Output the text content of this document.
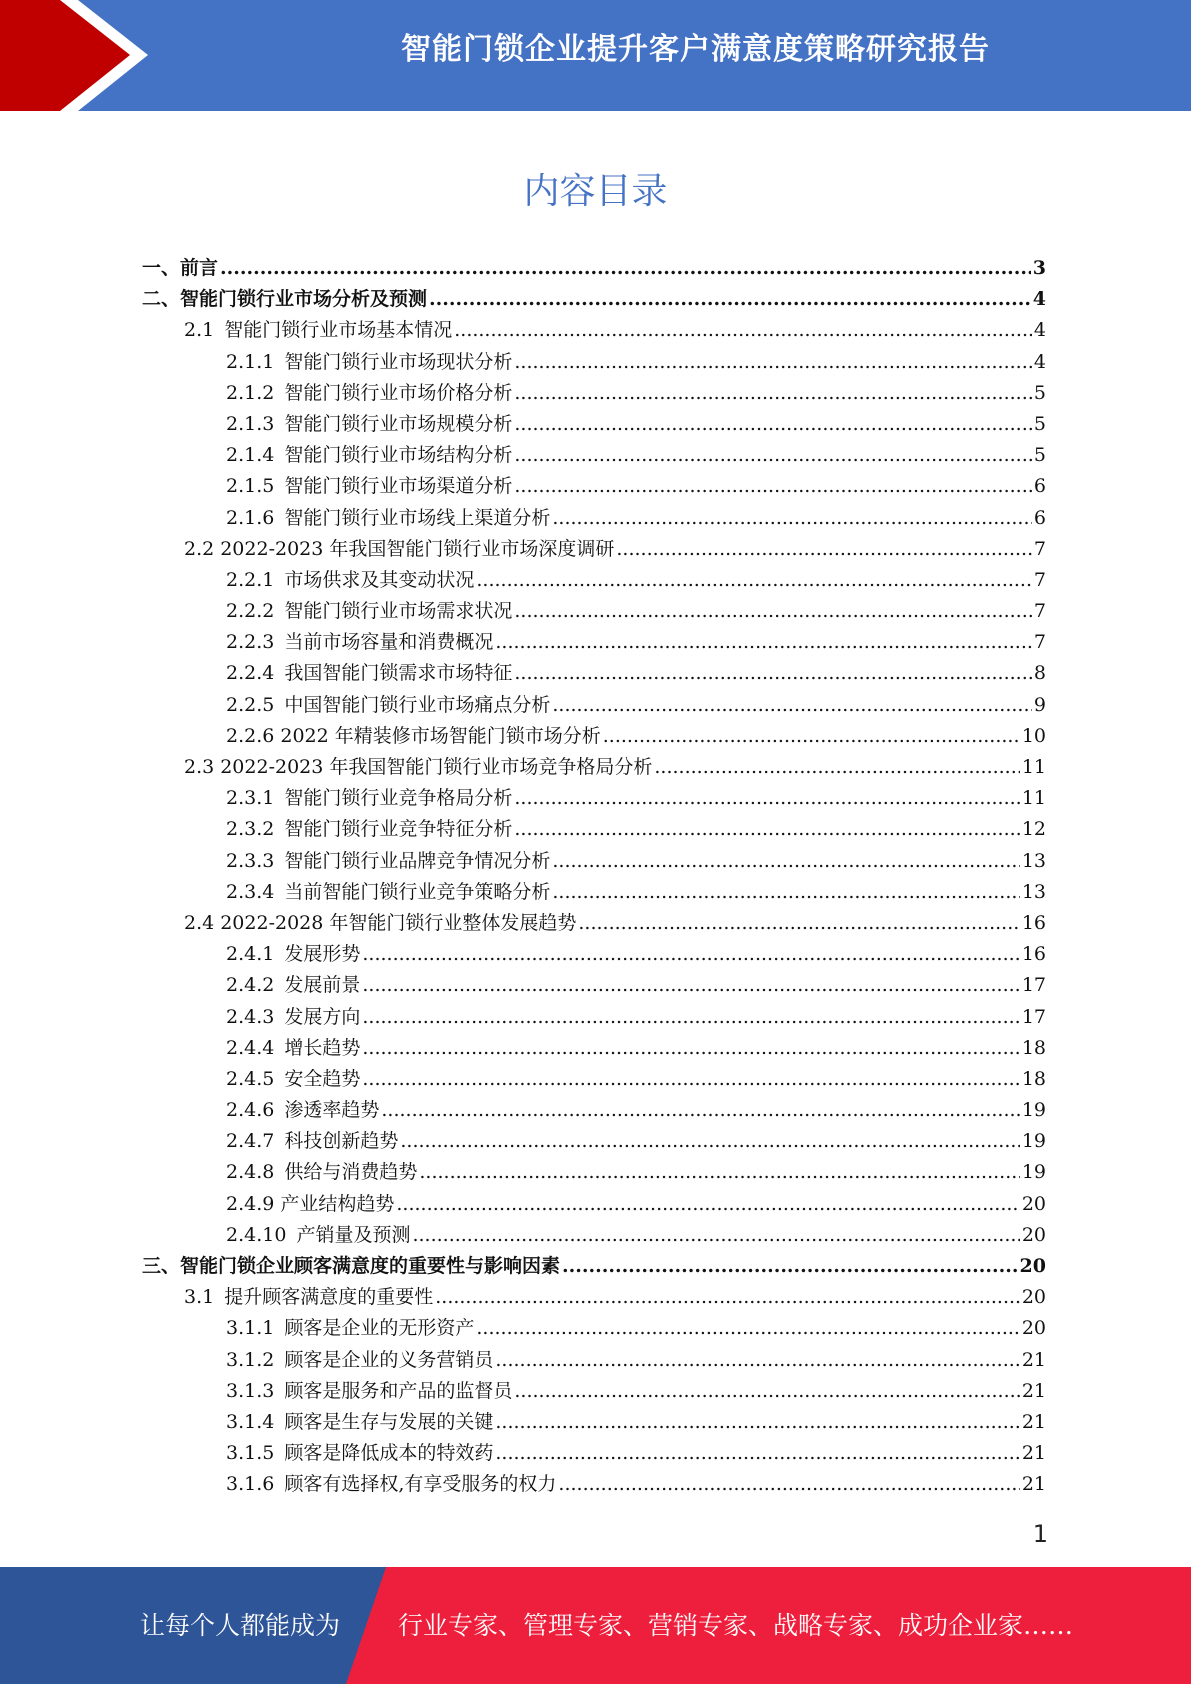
智能门锁企业提升客户满意度策略研究报告
内容目录
一、 前言 .....	3
二、 智能门锁行业市场分析及预测 .....	4
2.1 智能门锁行业市场基本情况 .....	4
2.1.1 智能门锁行业市场现状分析 .....	4
2.1.2 智能门锁行业市场价格分析 .....	5
2.1.3 智能门锁行业市场规模分析 .....	5
2.1.4 智能门锁行业市场结构分析 .....	5
2.1.5 智能门锁行业市场渠道分析 .....	6
2.1.6 智能门锁行业市场线上渠道分析 .....	6
2.2 2022-2023 年我国智能门锁行业市场深度调研 .....	7
2.2.1 市场供求及其变动状况 .....	7
2.2.2 智能门锁行业市场需求状况 .....	7
2.2.3 当前市场容量和消费概况 .....	7
2.2.4 我国智能门锁需求市场特征 .....	8
2.2.5 中国智能门锁行业市场痛点分析 .....	9
2.2.6 2022 年精装修市场智能门锁市场分析 .....	10
2.3 2022-2023 年我国智能门锁行业市场竞争格局分析 .....	11
2.3.1 智能门锁行业竞争格局分析 .....	11
2.3.2 智能门锁行业竞争特征分析 .....	12
2.3.3 智能门锁行业品牌竞争情况分析 .....	13
2.3.4 当前智能门锁行业竞争策略分析 .....	13
2.4 2022-2028 年智能门锁行业整体发展趋势 .....	16
2.4.1 发展形势 .....	16
2.4.2 发展前景 .....	17
2.4.3 发展方向 .....	17
2.4.4 增长趋势 .....	18
2.4.5 安全趋势 .....	18
2.4.6 渗透率趋势 .....	19
2.4.7 科技创新趋势 .....	19
2.4.8 供给与消费趋势 .....	19
2.4.9 产业结构趋势 .....	20
2.4.10 产销量及预测 .....	20
三、 智能门锁企业顾客满意度的重要性与影响因素 .....	20
3.1 提升顾客满意度的重要性 .....	20
3.1.1 顾客是企业的无形资产 .....	20
3.1.2 顾客是企业的义务营销员 .....	21
3.1.3 顾客是服务和产品的监督员 .....	21
3.1.4 顾客是生存与发展的关键 .....	21
3.1.5 顾客是降低成本的特效药 .....	21
3.1.6 顾客有选择权,有享受服务的权力 .....	21
1
让每个人都能成为 行业专家、管理专家、营销专家、战略专家、成功企业家……
